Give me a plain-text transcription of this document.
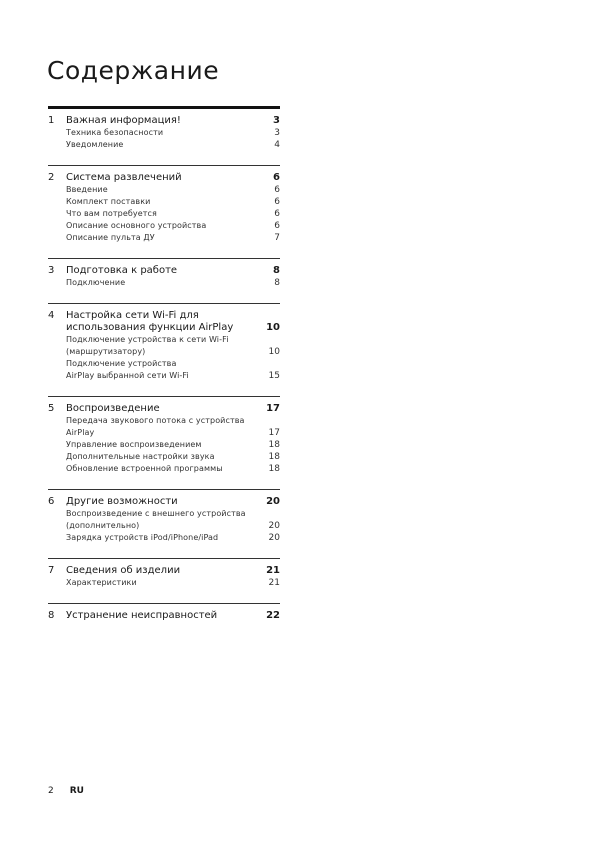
Содержание
1	Важная информация!	3
Техника безопасности	3
Уведомление	4
2	Система развлечений	6
Введение	6
Комплект поставки	6
Что вам потребуется	6
Описание основного устройства	6
Описание пульта ДУ	7
3	Подготовка к работе	8
Подключение	8
4	Настройка сети Wi-Fi для использования функции AirPlay	10
Подключение устройства к сети Wi-Fi (маршрутизатору)	10
Подключение устройства AirPlay выбранной сети Wi-Fi	15
5	Воспроизведение	17
Передача звукового потока с устройства AirPlay	17
Управление воспроизведением	18
Дополнительные настройки звука	18
Обновление встроенной программы	18
6	Другие возможности	20
Воспроизведение с внешнего устройства (дополнительно)	20
Зарядка устройств iPod/iPhone/iPad	20
7	Сведения об изделии	21
Характеристики	21
8	Устранение неисправностей	22
2 RU
